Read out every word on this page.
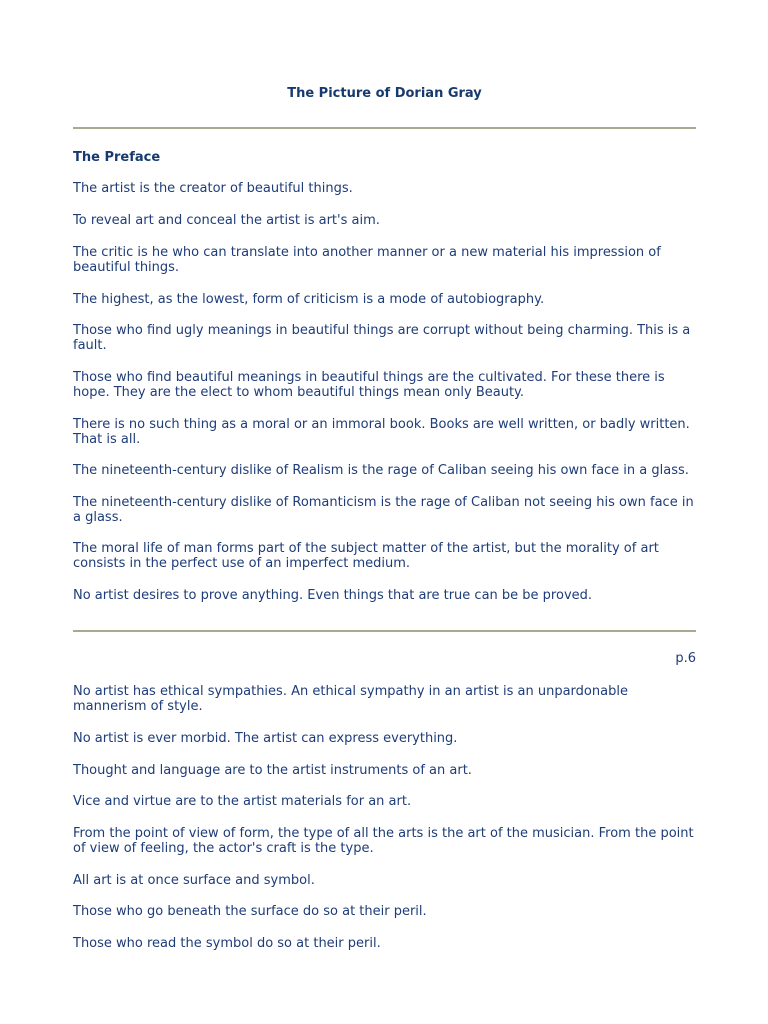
The Picture of Dorian Gray
The Preface

The artist is the creator of beautiful things.

To reveal art and conceal the artist is art's aim.

The critic is he who can translate into another manner or a new material his impression of beautiful things.

The highest, as the lowest, form of criticism is a mode of autobiography.

Those who find ugly meanings in beautiful things are corrupt without being charming. This is a fault.

Those who find beautiful meanings in beautiful things are the cultivated. For these there is hope. They are the elect to whom beautiful things mean only Beauty.

There is no such thing as a moral or an immoral book. Books are well written, or badly written. That is all.

The nineteenth-century dislike of Realism is the rage of Caliban seeing his own face in a glass.

The nineteenth-century dislike of Romanticism is the rage of Caliban not seeing his own face in a glass.

The moral life of man forms part of the subject matter of the artist, but the morality of art consists in the perfect use of an imperfect medium.

No artist desires to prove anything. Even things that are true can be be proved.

p.6

No artist has ethical sympathies. An ethical sympathy in an artist is an unpardonable mannerism of style.

No artist is ever morbid. The artist can express everything.

Thought and language are to the artist instruments of an art.

Vice and virtue are to the artist materials for an art.

From the point of view of form, the type of all the arts is the art of the musician. From the point of view of feeling, the actor's craft is the type.

All art is at once surface and symbol.

Those who go beneath the surface do so at their peril.

Those who read the symbol do so at their peril.
